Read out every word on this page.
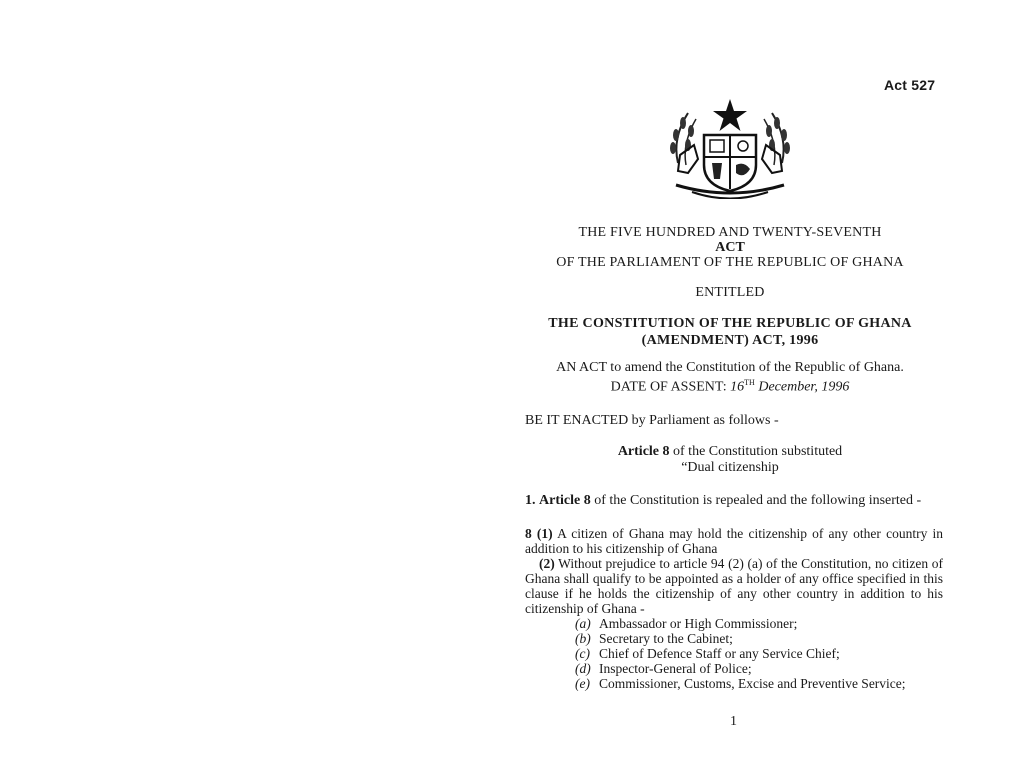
Act 527
THE FIVE HUNDRED AND TWENTY-SEVENTH
ACT
OF THE PARLIAMENT OF THE REPUBLIC OF GHANA
ENTITLED
THE CONSTITUTION OF THE REPUBLIC OF GHANA
(AMENDMENT) ACT, 1996
AN ACT to amend the Constitution of the Republic of Ghana.
DATE OF ASSENT: 16TH December, 1996
BE IT ENACTED by Parliament as follows -
Article 8 of the Constitution substituted
“Dual citizenship
1. Article 8 of the Constitution is repealed and the following inserted -
8 (1) A citizen of Ghana may hold the citizenship of any other country in addition to his citizenship of Ghana
(2) Without prejudice to article 94 (2) (a) of the Constitution, no citizen of Ghana shall qualify to be appointed as a holder of any office specified in this clause if he holds the citizenship of any other country in addition to his citizenship of Ghana -
(a) Ambassador or High Commissioner;
(b) Secretary to the Cabinet;
(c) Chief of Defence Staff or any Service Chief;
(d) Inspector-General of Police;
(e) Commissioner, Customs, Excise and Preventive Service;
1
